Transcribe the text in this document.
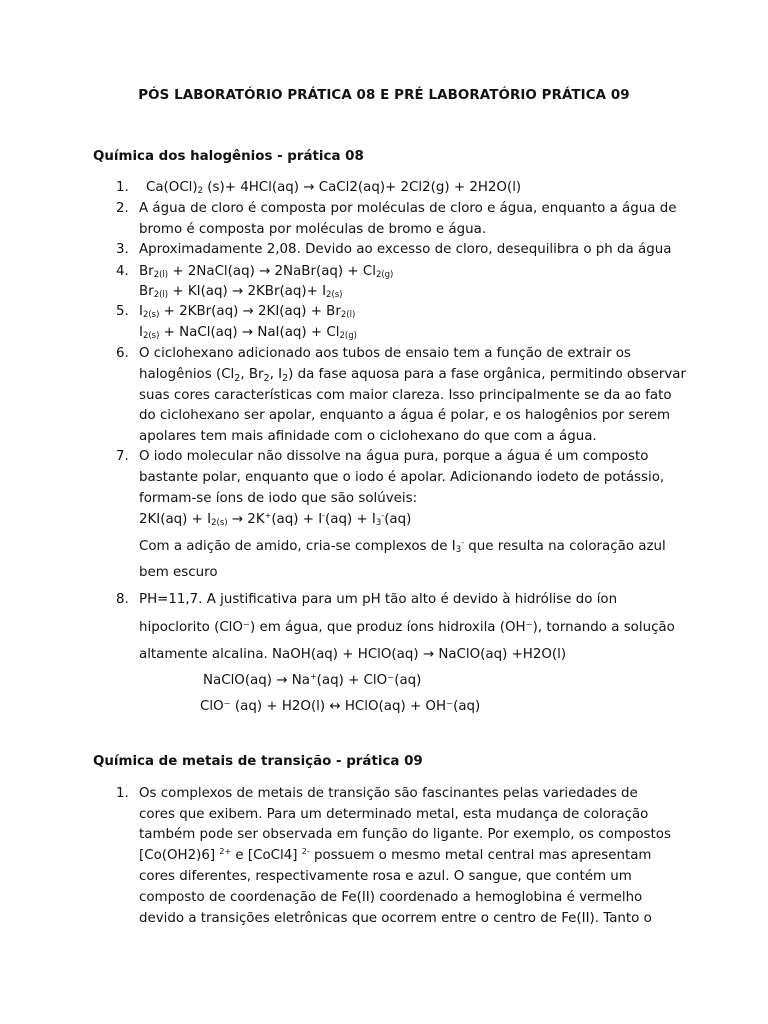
PÓS LABORATÓRIO PRÁTICA 08 E PRÉ LABORATÓRIO PRÁTICA 09
Química dos halogênios - prática 08
1. Ca(OCl)2 (s)+ 4HCl(aq) → CaCl2(aq)+ 2Cl2(g) + 2H2O(l)
2. A água de cloro é composta por moléculas de cloro e água, enquanto a água de
bromo é composta por moléculas de bromo e água.
3. Aproximadamente 2,08. Devido ao excesso de cloro, desequilibra o ph da água
4. Br2(l) + 2NaCl(aq) → 2NaBr(aq) + Cl2(g)
Br2(l) + KI(aq) → 2KBr(aq)+ I2(s)
5. I2(s) + 2KBr(aq) → 2KI(aq) + Br2(l)
I2(s) + NaCl(aq) → NaI(aq) + Cl2(g)
6. O ciclohexano adicionado aos tubos de ensaio tem a função de extrair os
halogênios ($Cl_2$, $Br_2$, $I_2$) da fase aquosa para a fase orgânica, permitindo observar
suas cores características com maior clareza. Isso principalmente se da ao fato
do ciclohexano ser apolar, enquanto a água é polar, e os halogênios por serem
apolares tem mais afinidade com o ciclohexano do que com a água.
7. O iodo molecular não dissolve na água pura, porque a água é um composto
bastante polar, enquanto que o iodo é apolar. Adicionando iodeto de potássio,
formam-se íons de iodo que são solúveis:
2KI(aq) + I2(s) → 2K+(aq) + I-(aq) + I3-(aq)
Com a adição de amido, cria-se complexos de I3- que resulta na coloração azul
bem escuro
8. PH=11,7. A justificativa para um pH tão alto é devido à hidrólise do íon
hipoclorito (ClO⁻) em água, que produz íons hidroxila (OH⁻), tornando a solução
altamente alcalina. NaOH(aq) + HClO(aq) → NaClO(aq) +H2O(l)
NaClO(aq) → Na+(aq) + ClO⁻(aq)
ClO⁻ (aq) + H2O(l) ↔ HClO(aq) + OH⁻(aq)
Química de metais de transição - prática 09
1. Os complexos de metais de transição são fascinantes pelas variedades de
cores que exibem. Para um determinado metal, esta mudança de coloração
também pode ser observada em função do ligante. Por exemplo, os compostos
[Co(OH2)6] $^{2+}$ e [CoCl4] $^{2-}$ possuem o mesmo metal central mas apresentam
cores diferentes, respectivamente rosa e azul. O sangue, que contém um
composto de coordenação de Fe(II) coordenado a hemoglobina é vermelho
devido a transições eletrônicas que ocorrem entre o centro de Fe(II). Tanto o
